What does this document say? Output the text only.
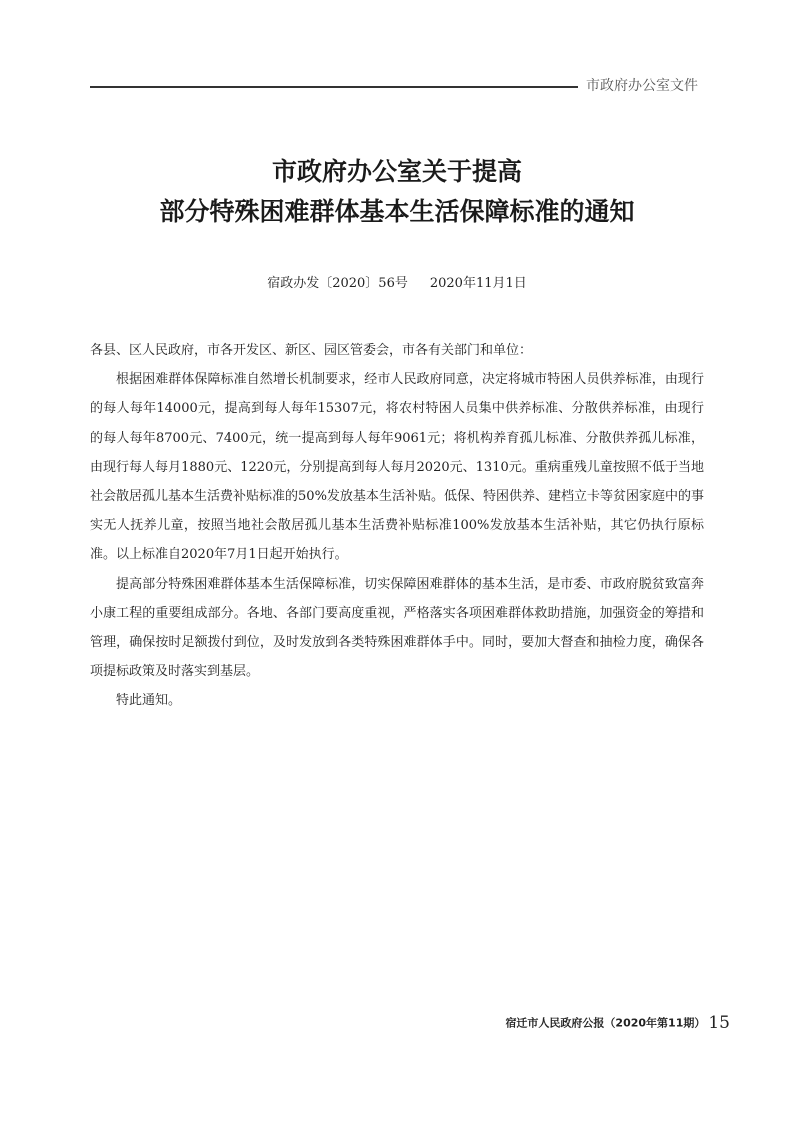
市政府办公室文件
市政府办公室关于提高
部分特殊困难群体基本生活保障标准的通知
宿政办发〔2020〕56号 2020年11月1日

各县、区人民政府，市各开发区、新区、园区管委会，市各有关部门和单位：

根据困难群体保障标准自然增长机制要求，经市人民政府同意，决定将城市特困人员供养标准，由现行的每人每年14000元，提高到每人每年15307元，将农村特困人员集中供养标准、分散供养标准，由现行的每人每年8700元、7400元，统一提高到每人每年9061元；将机构养育孤儿标准、分散供养孤儿标准，由现行每人每月1880元、1220元，分别提高到每人每月2020元、1310元。重病重残儿童按照不低于当地社会散居孤儿基本生活费补贴标准的50%发放基本生活补贴。低保、特困供养、建档立卡等贫困家庭中的事实无人抚养儿童，按照当地社会散居孤儿基本生活费补贴标准100%发放基本生活补贴，其它仍执行原标准。以上标准自2020年7月1日起开始执行。

提高部分特殊困难群体基本生活保障标准，切实保障困难群体的基本生活，是市委、市政府脱贫致富奔小康工程的重要组成部分。各地、各部门要高度重视，严格落实各项困难群体救助措施，加强资金的筹措和管理，确保按时足额拨付到位，及时发放到各类特殊困难群体手中。同时，要加大督查和抽检力度，确保各项提标政策及时落实到基层。

特此通知。

宿迁市人民政府公报（2020年第11期） 15
